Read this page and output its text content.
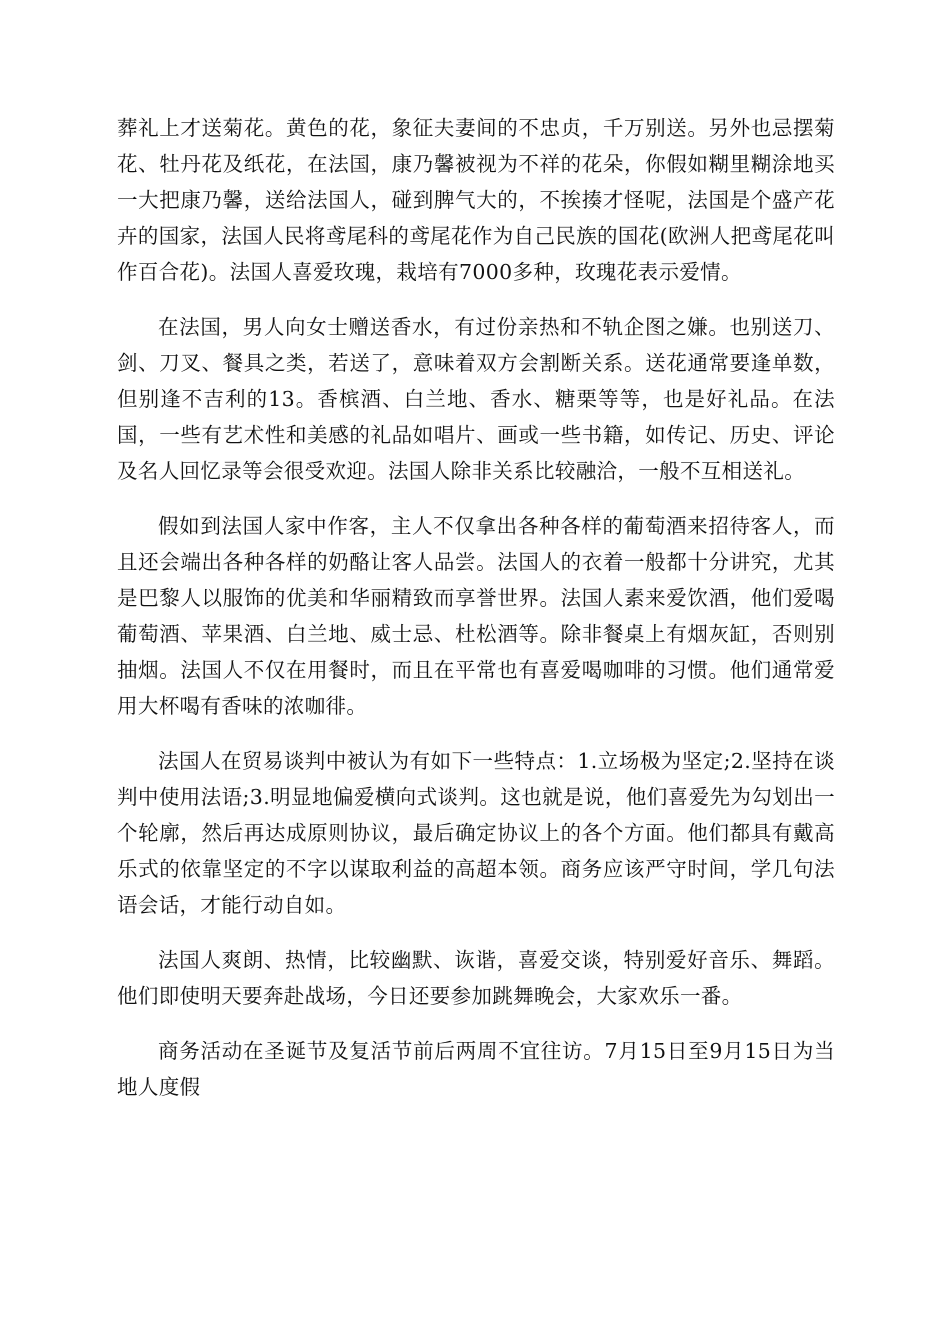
葬礼上才送菊花。黄色的花，象征夫妻间的不忠贞，千万别送。另外也忌摆菊花、牡丹花及纸花，在法国，康乃馨被视为不祥的花朵，你假如糊里糊涂地买一大把康乃馨，送给法国人，碰到脾气大的，不挨揍才怪呢，法国是个盛产花卉的国家，法国人民将鸢尾科的鸢尾花作为自己民族的国花(欧洲人把鸢尾花叫作百合花)。法国人喜爱玫瑰，栽培有7000多种，玫瑰花表示爱情。

在法国，男人向女士赠送香水，有过份亲热和不轨企图之嫌。也别送刀、剑、刀叉、餐具之类，若送了，意味着双方会割断关系。送花通常要逢单数，但别逢不吉利的13。香槟酒、白兰地、香水、糖栗等等，也是好礼品。在法国，一些有艺术性和美感的礼品如唱片、画或一些书籍，如传记、历史、评论及名人回忆录等会很受欢迎。法国人除非关系比较融洽，一般不互相送礼。

假如到法国人家中作客，主人不仅拿出各种各样的葡萄酒来招待客人，而且还会端出各种各样的奶酪让客人品尝。法国人的衣着一般都十分讲究，尤其是巴黎人以服饰的优美和华丽精致而享誉世界。法国人素来爱饮酒，他们爱喝葡萄酒、苹果酒、白兰地、威士忌、杜松酒等。除非餐桌上有烟灰缸，否则别抽烟。法国人不仅在用餐时，而且在平常也有喜爱喝咖啡的习惯。他们通常爱用大杯喝有香味的浓咖徘。

法国人在贸易谈判中被认为有如下一些特点：1.立场极为坚定;2.坚持在谈判中使用法语;3.明显地偏爱横向式谈判。这也就是说，他们喜爱先为勾划出一个轮廓，然后再达成原则协议，最后确定协议上的各个方面。他们都具有戴高乐式的依靠坚定的不字以谋取利益的高超本领。商务应该严守时间，学几句法语会话，才能行动自如。

法国人爽朗、热情，比较幽默、诙谐，喜爱交谈，特别爱好音乐、舞蹈。他们即使明天要奔赴战场，今日还要参加跳舞晚会，大家欢乐一番。

商务活动在圣诞节及复活节前后两周不宜往访。7月15日至9月15日为当地人度假
